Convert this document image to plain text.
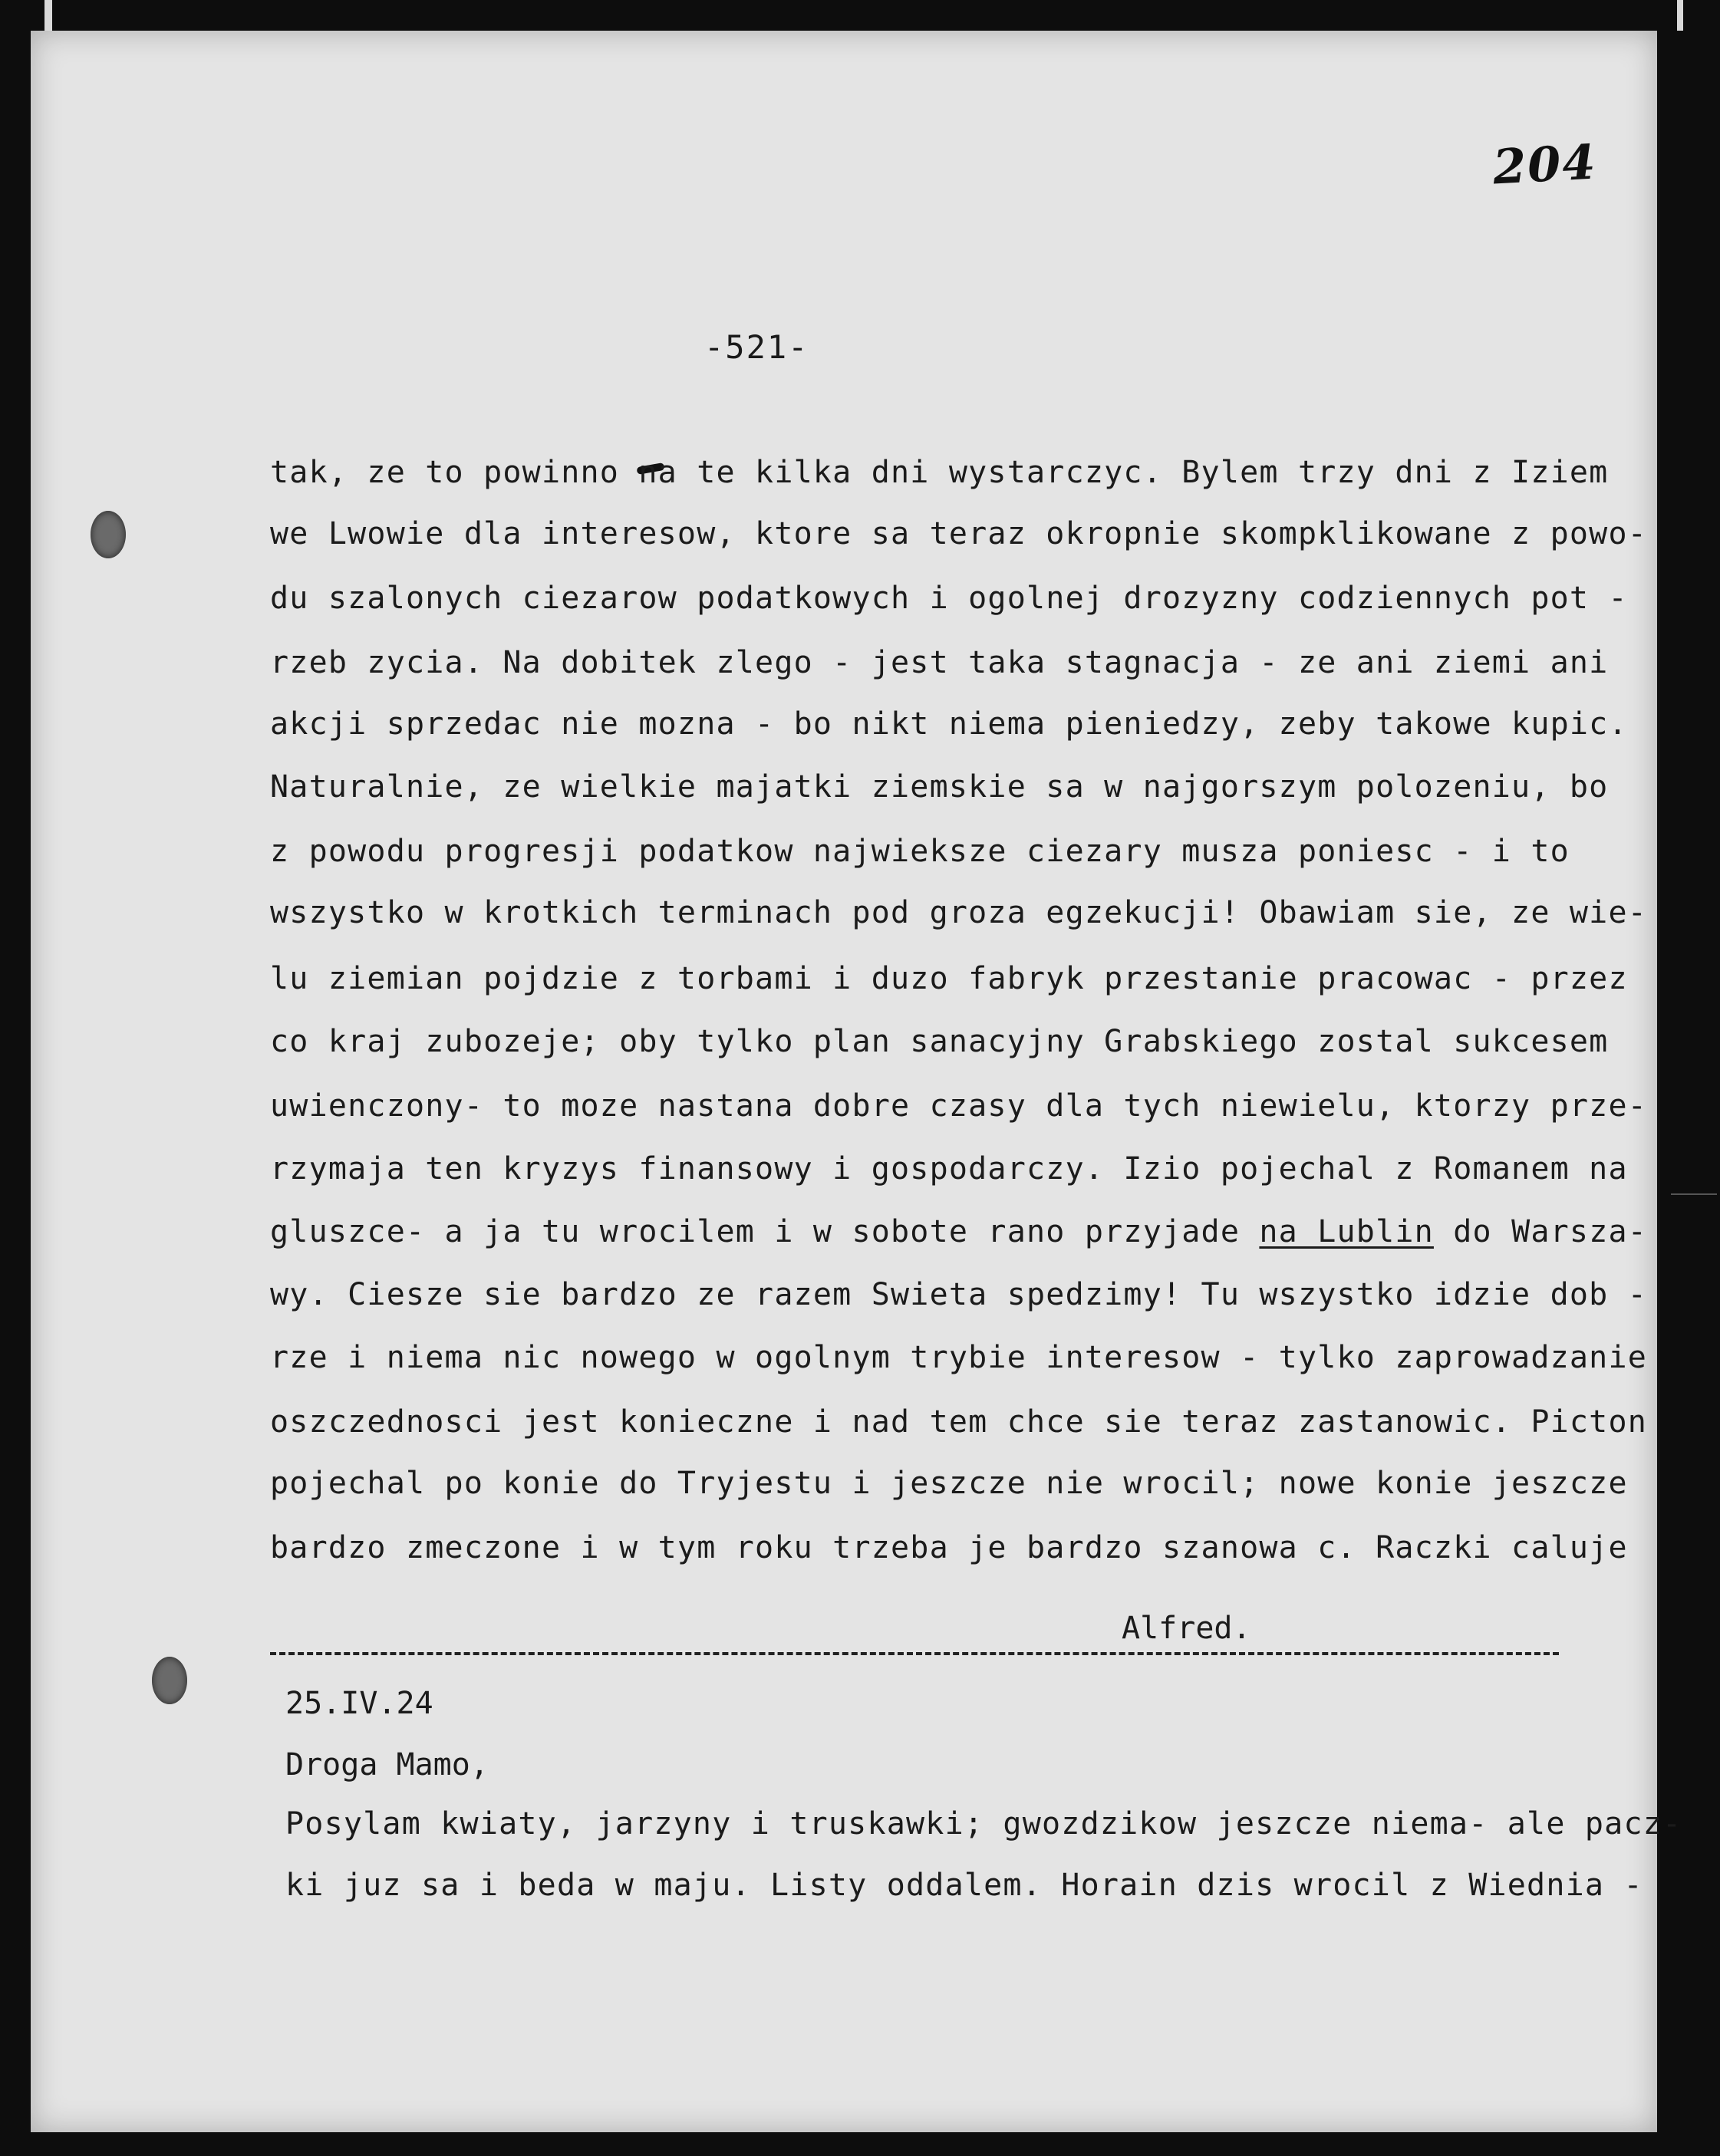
204
-521-
tak, ze to powinno na te kilka dni wystarczyc. Bylem trzy dni z Iziem
we Lwowie dla interesow, ktore sa teraz okropnie skompklikowane z powo-
du szalonych ciezarow podatkowych i ogolnej drozyzny codziennych pot -
rzeb zycia. Na dobitek zlego - jest taka stagnacja - ze ani ziemi ani
akcji sprzedac nie mozna - bo nikt niema pieniedzy, zeby takowe kupic.
Naturalnie, ze wielkie majatki ziemskie sa w najgorszym polozeniu, bo
z powodu progresji podatkow najwieksze ciezary musza poniesc - i to
wszystko w krotkich terminach pod groza egzekucji! Obawiam sie, ze wie-
lu ziemian pojdzie z torbami i duzo fabryk przestanie pracowac - przez
co kraj zubozeje; oby tylko plan sanacyjny Grabskiego zostal sukcesem
uwienczony- to moze nastana dobre czasy dla tych niewielu, ktorzy prze-
rzymaja ten kryzys finansowy i gospodarczy. Izio pojechal z Romanem na
gluszce- a ja tu wrocilem i w sobote rano przyjade na Lublin do Warsza-
wy. Ciesze sie bardzo ze razem Swieta spedzimy! Tu wszystko idzie dob -
rze i niema nic nowego w ogolnym trybie interesow - tylko zaprowadzanie
oszczednosci jest konieczne i nad tem chce sie teraz zastanowic. Picton
pojechal po konie do Tryjestu i jeszcze nie wrocil; nowe konie jeszcze
bardzo zmeczone i w tym roku trzeba je bardzo szanowa c. Raczki caluje
Alfred.
25.IV.24
Droga Mamo,
Posylam kwiaty, jarzyny i truskawki; gwozdzikow jeszcze niema- ale pacz-
ki juz sa i beda w maju. Listy oddalem. Horain dzis wrocil z Wiednia -
